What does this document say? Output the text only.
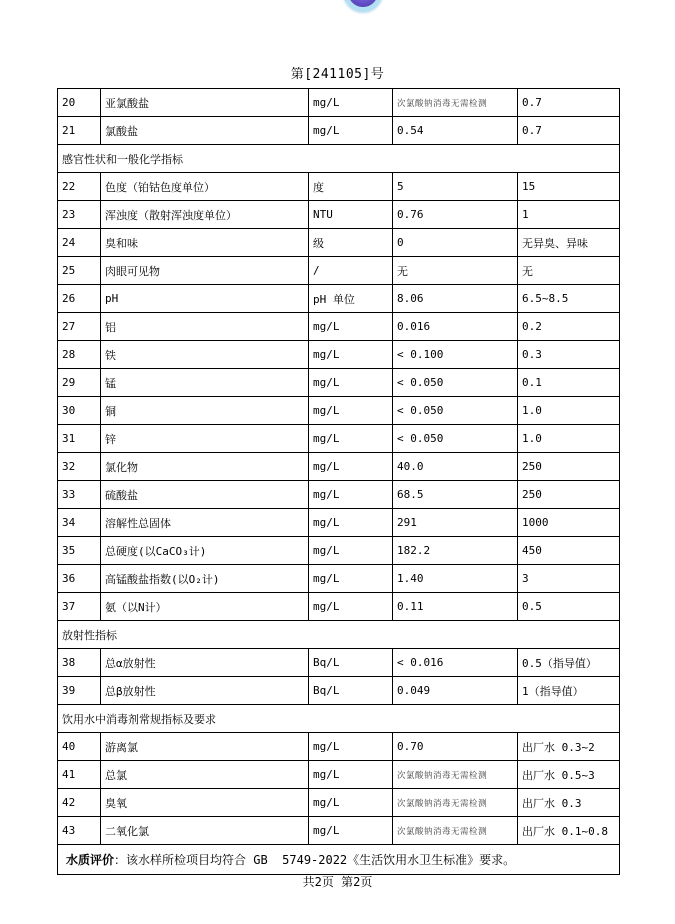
第[241105]号
20	亚氯酸盐	mg/L	次氯酸钠消毒无需检测	0.7
21	氯酸盐	mg/L	0.54	0.7
感官性状和一般化学指标				
22	色度（铂钴色度单位）	度	5	15
23	浑浊度（散射浑浊度单位）	NTU	0.76	1
24	臭和味	级	0	无异臭、异味
25	肉眼可见物	/	无	无
26	pH	pH 单位	8.06	6.5~8.5
27	铝	mg/L	0.016	0.2
28	铁	mg/L	< 0.100	0.3
29	锰	mg/L	< 0.050	0.1
30	铜	mg/L	< 0.050	1.0
31	锌	mg/L	< 0.050	1.0
32	氯化物	mg/L	40.0	250
33	硫酸盐	mg/L	68.5	250
34	溶解性总固体	mg/L	291	1000
35	总硬度(以CaCO₃计)	mg/L	182.2	450
36	高锰酸盐指数(以O₂计)	mg/L	1.40	3
37	氨（以N计）	mg/L	0.11	0.5
放射性指标				
38	总α放射性	Bq/L	< 0.016	0.5（指导值）
39	总β放射性	Bq/L	0.049	1（指导值）
饮用水中消毒剂常规指标及要求				
40	游离氯	mg/L	0.70	出厂水 0.3~2
41	总氯	mg/L	次氯酸钠消毒无需检测	出厂水 0.5~3
42	臭氧	mg/L	次氯酸钠消毒无需检测	出厂水 0.3
43	二氧化氯	mg/L	次氯酸钠消毒无需检测	出厂水 0.1~0.8
水质评价：该水样所检项目均符合 GB  5749-2022《生活饮用水卫生标准》要求。				
共2页 第2页
